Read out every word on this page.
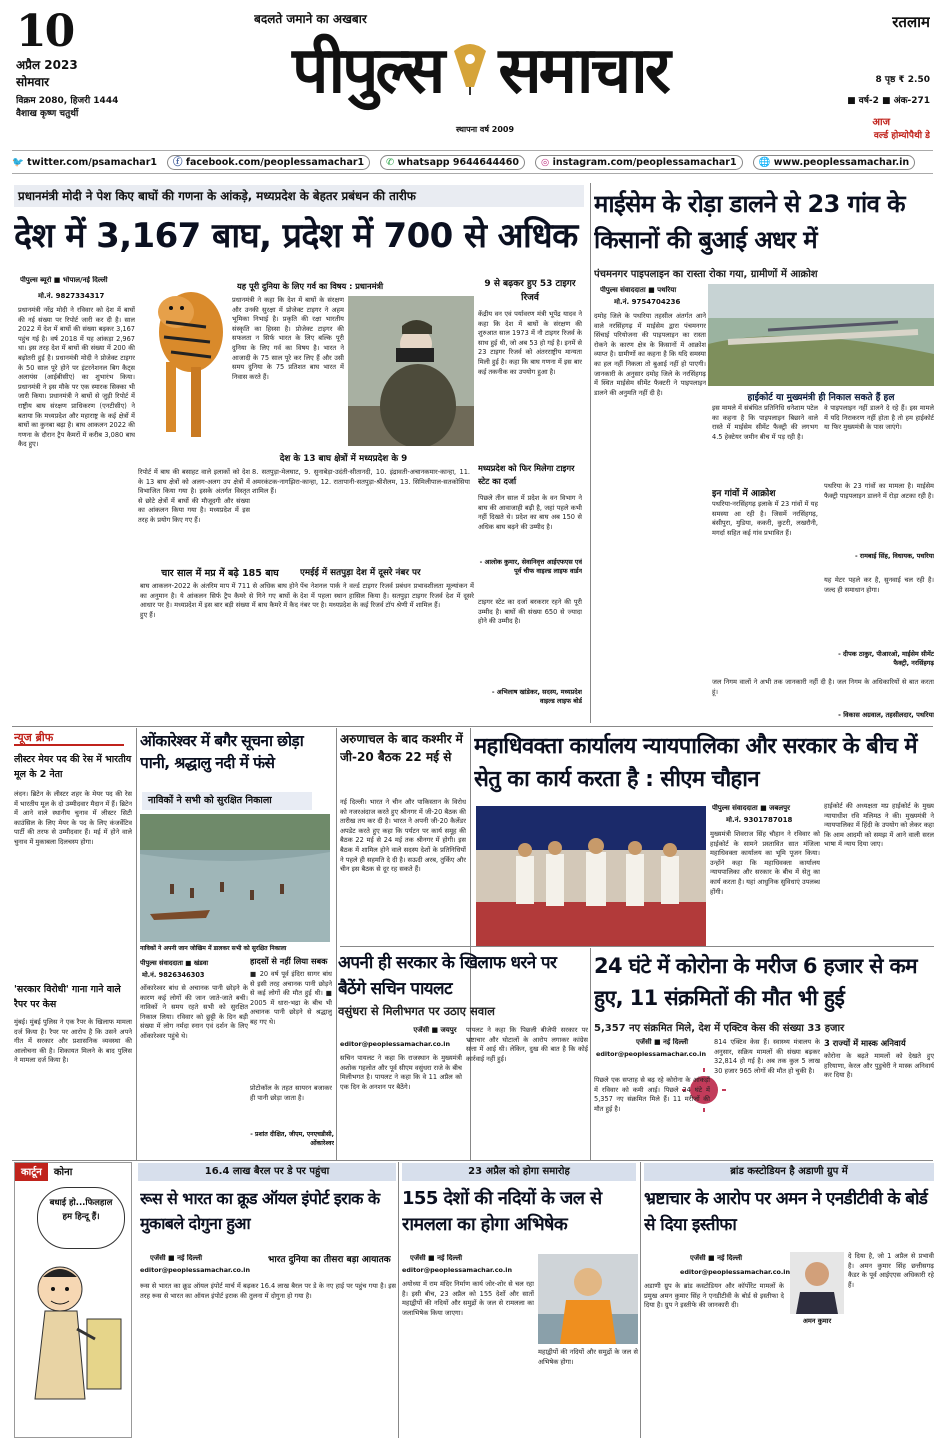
10
अप्रैल 2023
सोमवार
विक्रम 2080, हिजरी 1444
वैशाख कृष्ण चतुर्थी
बदलते जमाने का अखबार
पीपुल्स समाचार
स्थापना वर्ष 2009
रतलाम
8 पृष्ठ ₹ 2.50
■ वर्ष-2 ■ अंक-271
आज
वर्ल्ड होम्योपैथी डे
🐦 twitter.com/psamachar1	ⓕ facebook.com/peoplessamachar1	✆ whatsapp 9644644460	◎ instagram.com/peoplessamachar1	🌐 www.peoplessamachar.in
प्रधानमंत्री मोदी ने पेश किए बाघों की गणना के आंकड़े, मध्यप्रदेश के बेहतर प्रबंधन की तारीफ
देश में 3,167 बाघ, प्रदेश में 700 से अधिक
पीपुल्स ब्यूरो ■ भोपाल/नई दिल्ली
मो.नं. 9827334317
प्रधानमंत्री नरेंद्र मोदी ने रविवार को देश में बाघों की नई संख्या पर रिपोर्ट जारी कर दी है। साल 2022 में देश में बाघों की संख्या बढ़कर 3,167 पहुंच गई है। वर्ष 2018 में यह आंकड़ा 2,967 था। इस तरह देश में बाघों की संख्या में 200 की बढ़ोतरी हुई है। प्रधानमंत्री मोदी ने प्रोजेक्ट टाइगर के 50 साल पूरे होने पर इंटरनेशनल बिग कैट्स अलायंस (आईबीसीए) का शुभारंभ किया। प्रधानमंत्री ने इस मौके पर एक स्मारक सिक्का भी जारी किया। प्रधानमंत्री ने बाघों से जुड़ी रिपोर्ट में राष्ट्रीय बाघ संरक्षण प्राधिकरण (एनटीसीए) ने बताया कि मध्यप्रदेश और महाराष्ट्र के कई क्षेत्रों में बाघों का कुनबा बढ़ा है। बाघ आकलन 2022 की गणना के दौरान ट्रैप कैमरों में करीब 3,080 बाघ कैद हुए।
यह पूरी दुनिया के लिए गर्व का विषय : प्रधानमंत्री
प्रधानमंत्री ने कहा कि देश में बाघों के संरक्षण और उनकी सुरक्षा में प्रोजेक्ट टाइगर ने अहम भूमिका निभाई है। प्रकृति की रक्षा भारतीय संस्कृति का हिस्सा है। प्रोजेक्ट टाइगर की सफलता न सिर्फ भारत के लिए बल्कि पूरी दुनिया के लिए गर्व का विषय है। भारत ने आजादी के 75 साल पूरे कर लिए हैं और उसी समय दुनिया के 75 प्रतिशत बाघ भारत में निवास करते हैं।
9 से बढ़कर हुए 53 टाइगर रिजर्व
केंद्रीय वन एवं पर्यावरण मंत्री भूपेंद्र यादव ने कहा कि देश में बाघों के संरक्षण की शुरुआत साल 1973 में नौ टाइगर रिजर्व के साथ हुई थी, जो अब 53 हो गई है। इनमें से 23 टाइगर रिजर्व को अंतरराष्ट्रीय मान्यता मिली हुई है। कहा कि बाघ गणना में इस बार कई तकनीक का उपयोग हुआ है।
देश के 13 बाघ क्षेत्रों में मध्यप्रदेश के 9
रिपोर्ट में बाघ की बसाहट वाले इलाकों को देश के 13 बाघ क्षेत्रों को अलग-अलग उप क्षेत्रों में विभाजित किया गया है। इसके अंतर्गत विस्तृत से छोटे क्षेत्रों में बाघों की मौजूदगी और संख्या का आंकलन किया गया है। मध्यप्रदेश में इस तरह के प्रयोग किए गए हैं।
8. सतपुड़ा-मेलघाट, 9. सुनाबेड़ा-उदंती-सीतानदी, 10. इंद्रावती-अचानकमार-कान्हा, 11. अमरकंटक-नागझिरा-कान्हा, 12. रातापानी-सतपुड़ा-श्रीशैलम, 13. सिमिलीपाल-सतकोसिया शामिल हैं।
चार साल में मप्र में बढ़े 185 बाघ
बाघ आकलन-2022 के अंतरिम माप में 711 से अधिक बाघ होने का अनुमान है। ये आंकलन सिर्फ ट्रैप कैमरे से गिने गए बाघों के आधार पर है। मध्यप्रदेश में इस बार बड़ी संख्या में बाघ कैमरे में कैद हुए हैं।
एमईई में सतपुड़ा देश में दूसरे नंबर पर
पेंच नेशनल पार्क ने वर्ल्ड टाइगर रिजर्व प्रबंधन प्रभावशीलता मूल्यांकन में देश में पहला स्थान हासिल किया है। सतपुड़ा टाइगर रिजर्व देश में दूसरे नंबर पर है। मध्यप्रदेश के कई रिजर्व टॉप श्रेणी में शामिल हैं।
मध्यप्रदेश को फिर मिलेगा टाइगर स्टेट का दर्जा
पिछले तीन साल में प्रदेश के वन विभाग ने बाघ की आवाजाही बढ़ी है, जहां पहले कभी नहीं दिखते थे। प्रदेश का बाघ अब 150 से अधिक बाघ बढ़ने की उम्मीद है।
- आलोक कुमार, सेवानिवृत्त आईएफएस एवं पूर्व चीफ वाइल्ड लाइफ वार्डन
टाइगर स्टेट का दर्जा बरकरार रहने की पूरी उम्मीद है। बाघों की संख्या 650 से ज्यादा होने की उम्मीद है।
- अभिलाष खांडेकर, सदस्य, मध्यप्रदेश वाइल्ड लाइफ बोर्ड
माईसेम के रोड़ा डालने से 23 गांव के किसानों की बुआई अधर में
पंचमनगर पाइपलाइन का रास्ता रोका गया, ग्रामीणों में आक्रोश
पीपुल्स संवाददाता ■ पथरिया
मो.नं. 9754704236
दमोह जिले के पथरिया तहसील अंतर्गत आने वाले नरसिंहगढ़ में माईसेम द्वारा पंचमनगर सिंचाई परियोजना की पाइपलाइन का रास्ता रोकने के कारण क्षेत्र के किसानों में आक्रोश व्याप्त है। ग्रामीणों का कहना है कि यदि समस्या का हल नहीं निकला तो बुआई नहीं हो पाएगी। जानकारी के अनुसार दमोह जिले के नरसिंहगढ़ में स्थित माईसेम सीमेंट फैक्टरी ने पाइपलाइन डालने की अनुमति नहीं दी है।
हाईकोर्ट या मुख्यमंत्री ही निकाल सकते हैं हल
इस मामले में संबंधित प्रतिनिधि धनेशाम पटेल का कहना है कि पाइपलाइन बिछाने वाले रास्ते में माईसेम सीमेंट फैक्ट्री की लगभग 4.5 हेक्टेयर जमीन बीच में पड़ रही है।
वे पाइपलाइन नहीं डालने दे रहे हैं। इस मामले में यदि निराकरण नहीं होता है तो हम हाईकोर्ट या फिर मुख्यमंत्री के पास जाएंगे।
इन गांवों में आक्रोश
पथरिया-नरसिंहगढ़ इलाके में 23 गांवों में यह समस्या आ रही है। जिसमें नरसिंहगढ़, बंसीपुरा, मुडिया, ककरी, कुटरी, लखरौनी, मगर्दा सहित कई गांव प्रभावित हैं।
पथरिया के 23 गांवों का मामला है। माईसेम फैक्ट्री पाइपलाइन डालने में रोड़ा अटका रही है।
- रामबाई सिंह, विधायक, पथरिया
यह मेटर पहले कर है, सुनवाई चल रही है। जल्द ही समाधान होगा।
- दीपक ठाकुर, पीआरओ, माईसेम सीमेंट फैक्ट्री, नरसिंहगढ़
जल निगम वालों ने अभी तक जानकारी नहीं दी है। जल निगम के अधिकारियों से बात करता हूं।
- विकास अग्रवाल, तहसीलदार, पथरिया
न्यूज ब्रीफ
लीस्टर मेयर पद की रेस में भारतीय मूल के 2 नेता
लंदन। ब्रिटेन के लीस्टर शहर के मेयर पद की रेस में भारतीय मूल के दो उम्मीदवार मैदान में हैं। ब्रिटेन में आने वाले स्थानीय चुनाव में लीस्टर सिटी काउंसिल के लिए मेयर के पद के लिए कंजर्वेटिव पार्टी की तरफ से उम्मीदवार हैं। मई में होने वाले चुनाव में मुकाबला दिलचस्प होगा।
'सरकार विरोधी' गाना गाने वाले रैपर पर केस
मुंबई। मुंबई पुलिस ने एक रैपर के खिलाफ मामला दर्ज किया है। रैपर पर आरोप है कि उसने अपने गीत में सरकार और प्रशासनिक व्यवस्था की आलोचना की है। शिकायत मिलने के बाद पुलिस ने मामला दर्ज किया है।
कार्टून	कोना
बधाई हो...फिलहाल हम हिन्दू हैं।
ओंकारेश्वर में बगैर सूचना छोड़ा पानी, श्रद्धालु नदी में फंसे
नाविकों ने सभी को सुरक्षित निकाला
नाविकों ने अपनी जान जोखिम में डालकर सभी को सुरक्षित निकाला
पीपुल्स संवाददाता ■ खंडवा
मो.नं. 9826346303
ओंकारेश्वर बांध से अचानक पानी छोड़ने के कारण कई लोगों की जान जाते-जाते बची। नाविकों ने समय रहते सभी को सुरक्षित निकाल लिया। रविवार को छुट्टी के दिन बड़ी संख्या में लोग नर्मदा स्नान एवं दर्शन के लिए ओंकारेश्वर पहुंचे थे।
हादसों से नहीं लिया सबक
■ 20 वर्ष पूर्व इंदिरा सागर बांध से इसी तरह अचानक पानी छोड़ने से कई लोगों की मौत हुई थी। ■ 2005 में धारा-भद्रा के बीच भी अचानक पानी छोड़ने से श्रद्धालु बह गए थे।
प्रोटोकॉल के तहत सायरन बजाकर ही पानी छोड़ा जाता है।
- प्रशांत दीक्षित, जीएम, एनएचडीसी, ओंकारेश्वर
अरुणाचल के बाद कश्मीर में जी-20 बैठक 22 मई से
नई दिल्ली। भारत ने चीन और पाकिस्तान के विरोध को नजरअंदाज करते हुए श्रीनगर में जी-20 बैठक की तारीख तय कर दी है। भारत ने अपनी जी-20 कैलेंडर अपडेट करते हुए कहा कि पर्यटन पर कार्य समूह की बैठक 22 मई से 24 मई तक श्रीनगर में होगी। इस बैठक में शामिल होने वाले सदस्य देशों के प्रतिनिधियों ने पहले ही सहमति दे दी है। सऊदी अरब, तुर्किए और चीन इस बैठक से दूर रह सकते हैं।
महाधिवक्ता कार्यालय न्यायपालिका और सरकार के बीच में सेतु का कार्य करता है : सीएम चौहान
पीपुल्स संवाददाता ■ जबलपुर
मो.नं. 9301787018
मुख्यमंत्री शिवराज सिंह चौहान ने रविवार को हाईकोर्ट के सामने प्रस्तावित सात मंजिला महाधिवक्ता कार्यालय का भूमि पूजन किया। उन्होंने कहा कि महाधिवक्ता कार्यालय न्यायपालिका और सरकार के बीच में सेतु का कार्य करता है। यहां आधुनिक सुविधाएं उपलब्ध होंगी।
हाईकोर्ट की अध्यक्षता मप्र हाईकोर्ट के मुख्य न्यायाधीश रवि मलिमठ ने की। मुख्यमंत्री ने न्यायपालिका में हिंदी के उपयोग को लेकर कहा कि आम आदमी को समझ में आने वाली सरल भाषा में न्याय दिया जाए।
अपनी ही सरकार के खिलाफ धरने पर बैठेंगे सचिन पायलट
वसुंधरा से मिलीभगत पर उठाए सवाल
एजेंसी ■ जयपुर
editor@peoplessamachar.co.in
सचिन पायलट ने कहा कि राजस्थान के मुख्यमंत्री अशोक गहलोत और पूर्व सीएम वसुंधरा राजे के बीच मिलीभगत है। पायलट ने कहा कि वे 11 अप्रैल को एक दिन के अनशन पर बैठेंगे।
पायलट ने कहा कि पिछली बीजेपी सरकार पर भ्रष्टाचार और घोटालों के आरोप लगाकर कांग्रेस सत्ता में आई थी। लेकिन, दुख की बात है कि कोई कार्रवाई नहीं हुई।
24 घंटे में कोरोना के मरीज 6 हजार से कम हुए, 11 संक्रमितों की मौत भी हुई
5,357 नए संक्रमित मिले, देश में एक्टिव केस की संख्या 33 हजार
एजेंसी ■ नई दिल्ली
editor@peoplessamachar.co.in
पिछले एक सप्ताह से बढ़ रहे कोरोना के आंकड़ों में रविवार को कमी आई। पिछले 24 घंटे में 5,357 नए संक्रमित मिले हैं। 11 मरीजों की मौत हुई है।
814 एक्टिव केस हैं। स्वास्थ्य मंत्रालय के अनुसार, सक्रिय मामलों की संख्या बढ़कर 32,814 हो गई है। अब तक कुल 5 लाख 30 हजार 965 लोगों की मौत हो चुकी है।
3 राज्यों में मास्क अनिवार्य
कोरोना के बढ़ते मामलों को देखते हुए हरियाणा, केरल और पुडुचेरी ने मास्क अनिवार्य कर दिया है।
16.4 लाख बैरल पर डे पर पहुंचा
रूस से भारत का क्रूड ऑयल इंपोर्ट इराक के मुकाबले दोगुना हुआ
एजेंसी ■ नई दिल्ली
editor@peoplessamachar.co.in
भारत दुनिया का तीसरा बड़ा आयातक
रूस से भारत का क्रूड ऑयल इंपोर्ट मार्च में बढ़कर 16.4 लाख बैरल पर डे के नए हाई पर पहुंच गया है। इस तरह रूस से भारत का ऑयल इंपोर्ट इराक की तुलना में दोगुना हो गया है।
23 अप्रैल को होगा समारोह
155 देशों की नदियों के जल से रामलला का होगा अभिषेक
एजेंसी ■ नई दिल्ली
editor@peoplessamachar.co.in
अयोध्या में राम मंदिर निर्माण कार्य जोर-शोर से चल रहा है। इसी बीच, 23 अप्रैल को 155 देशों और सातों महाद्वीपों की नदियों और समुद्रों के जल से रामलला का जलाभिषेक किया जाएगा।
महाद्वीपों की नदियों और समुद्रों के जल से अभिषेक होगा।
ब्रांड कस्टोडियन है अडाणी ग्रुप में
भ्रष्टाचार के आरोप पर अमन ने एनडीटीवी के बोर्ड से दिया इस्तीफा
एजेंसी ■ नई दिल्ली
editor@peoplessamachar.co.in
अडाणी ग्रुप के ब्रांड कस्टोडियन और कॉर्पोरेट मामलों के प्रमुख अमन कुमार सिंह ने एनडीटीवी के बोर्ड से इस्तीफा दे दिया है। ग्रुप ने इस्तीफे की जानकारी दी।
अमन कुमार
दे दिया है, जो 1 अप्रैल से प्रभावी है। अमन कुमार सिंह छत्तीसगढ़ कैडर के पूर्व आईएएस अधिकारी रहे हैं।
